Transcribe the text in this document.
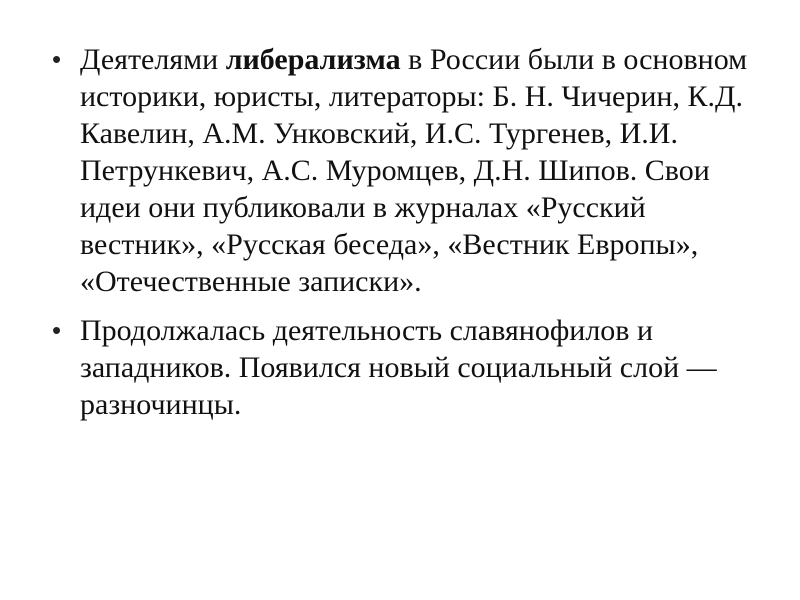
• Деятелями либерализма в России были в основном историки, юристы, литераторы: Б. Н. Чичерин, К.Д. Кавелин, А.М. Унковский, И.С. Тургенев, И.И. Петрункевич, А.С. Муромцев, Д.Н. Шипов. Свои идеи они публиковали в журналах «Русский вестник», «Русская беседа», «Вестник Европы», «Отечественные записки».
• Продолжалась деятельность славянофилов и западников. Появился новый социальный слой — разночинцы.
